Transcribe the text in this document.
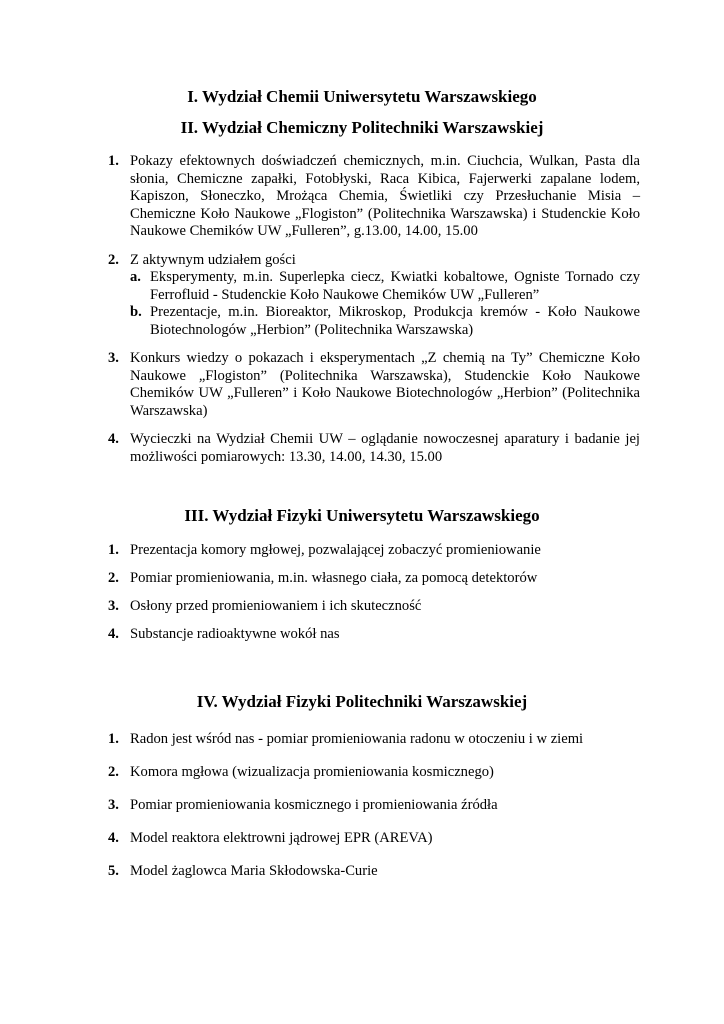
I. Wydział Chemii Uniwersytetu Warszawskiego
II. Wydział Chemiczny Politechniki Warszawskiej
1. Pokazy efektownych doświadczeń chemicznych, m.in. Ciuchcia, Wulkan, Pasta dla słonia, Chemiczne zapałki, Fotobłyski, Raca Kibica, Fajerwerki zapalane lodem, Kapiszon, Słoneczko, Mrożąca Chemia, Świetliki czy Przesłuchanie Misia – Chemiczne Koło Naukowe „Flogiston” (Politechnika Warszawska) i Studenckie Koło Naukowe Chemików UW „Fulleren”, g.13.00, 14.00, 15.00
2. Z aktywnym udziałem gości
a. Eksperymenty, m.in. Superlepka ciecz, Kwiatki kobaltowe, Ogniste Tornado czy Ferrofluid - Studenckie Koło Naukowe Chemików UW „Fulleren”
b. Prezentacje, m.in. Bioreaktor, Mikroskop, Produkcja kremów - Koło Naukowe Biotechnologów „Herbion” (Politechnika Warszawska)
3. Konkurs wiedzy o pokazach i eksperymentach „Z chemią na Ty” Chemiczne Koło Naukowe „Flogiston” (Politechnika Warszawska), Studenckie Koło Naukowe Chemików UW „Fulleren” i Koło Naukowe Biotechnologów „Herbion” (Politechnika Warszawska)
4. Wycieczki na Wydział Chemii UW – oglądanie nowoczesnej aparatury i badanie jej możliwości pomiarowych: 13.30, 14.00, 14.30, 15.00
III. Wydział Fizyki Uniwersytetu Warszawskiego
1. Prezentacja komory mgłowej, pozwalającej zobaczyć promieniowanie
2. Pomiar promieniowania, m.in. własnego ciała, za pomocą detektorów
3. Osłony przed promieniowaniem i ich skuteczność
4. Substancje radioaktywne wokół nas
IV. Wydział Fizyki Politechniki Warszawskiej
1. Radon jest wśród nas - pomiar promieniowania radonu w otoczeniu i w ziemi
2. Komora mgłowa (wizualizacja promieniowania kosmicznego)
3. Pomiar promieniowania kosmicznego i promieniowania źródła
4. Model reaktora elektrowni jądrowej EPR (AREVA)
5. Model żaglowca Maria Skłodowska-Curie
